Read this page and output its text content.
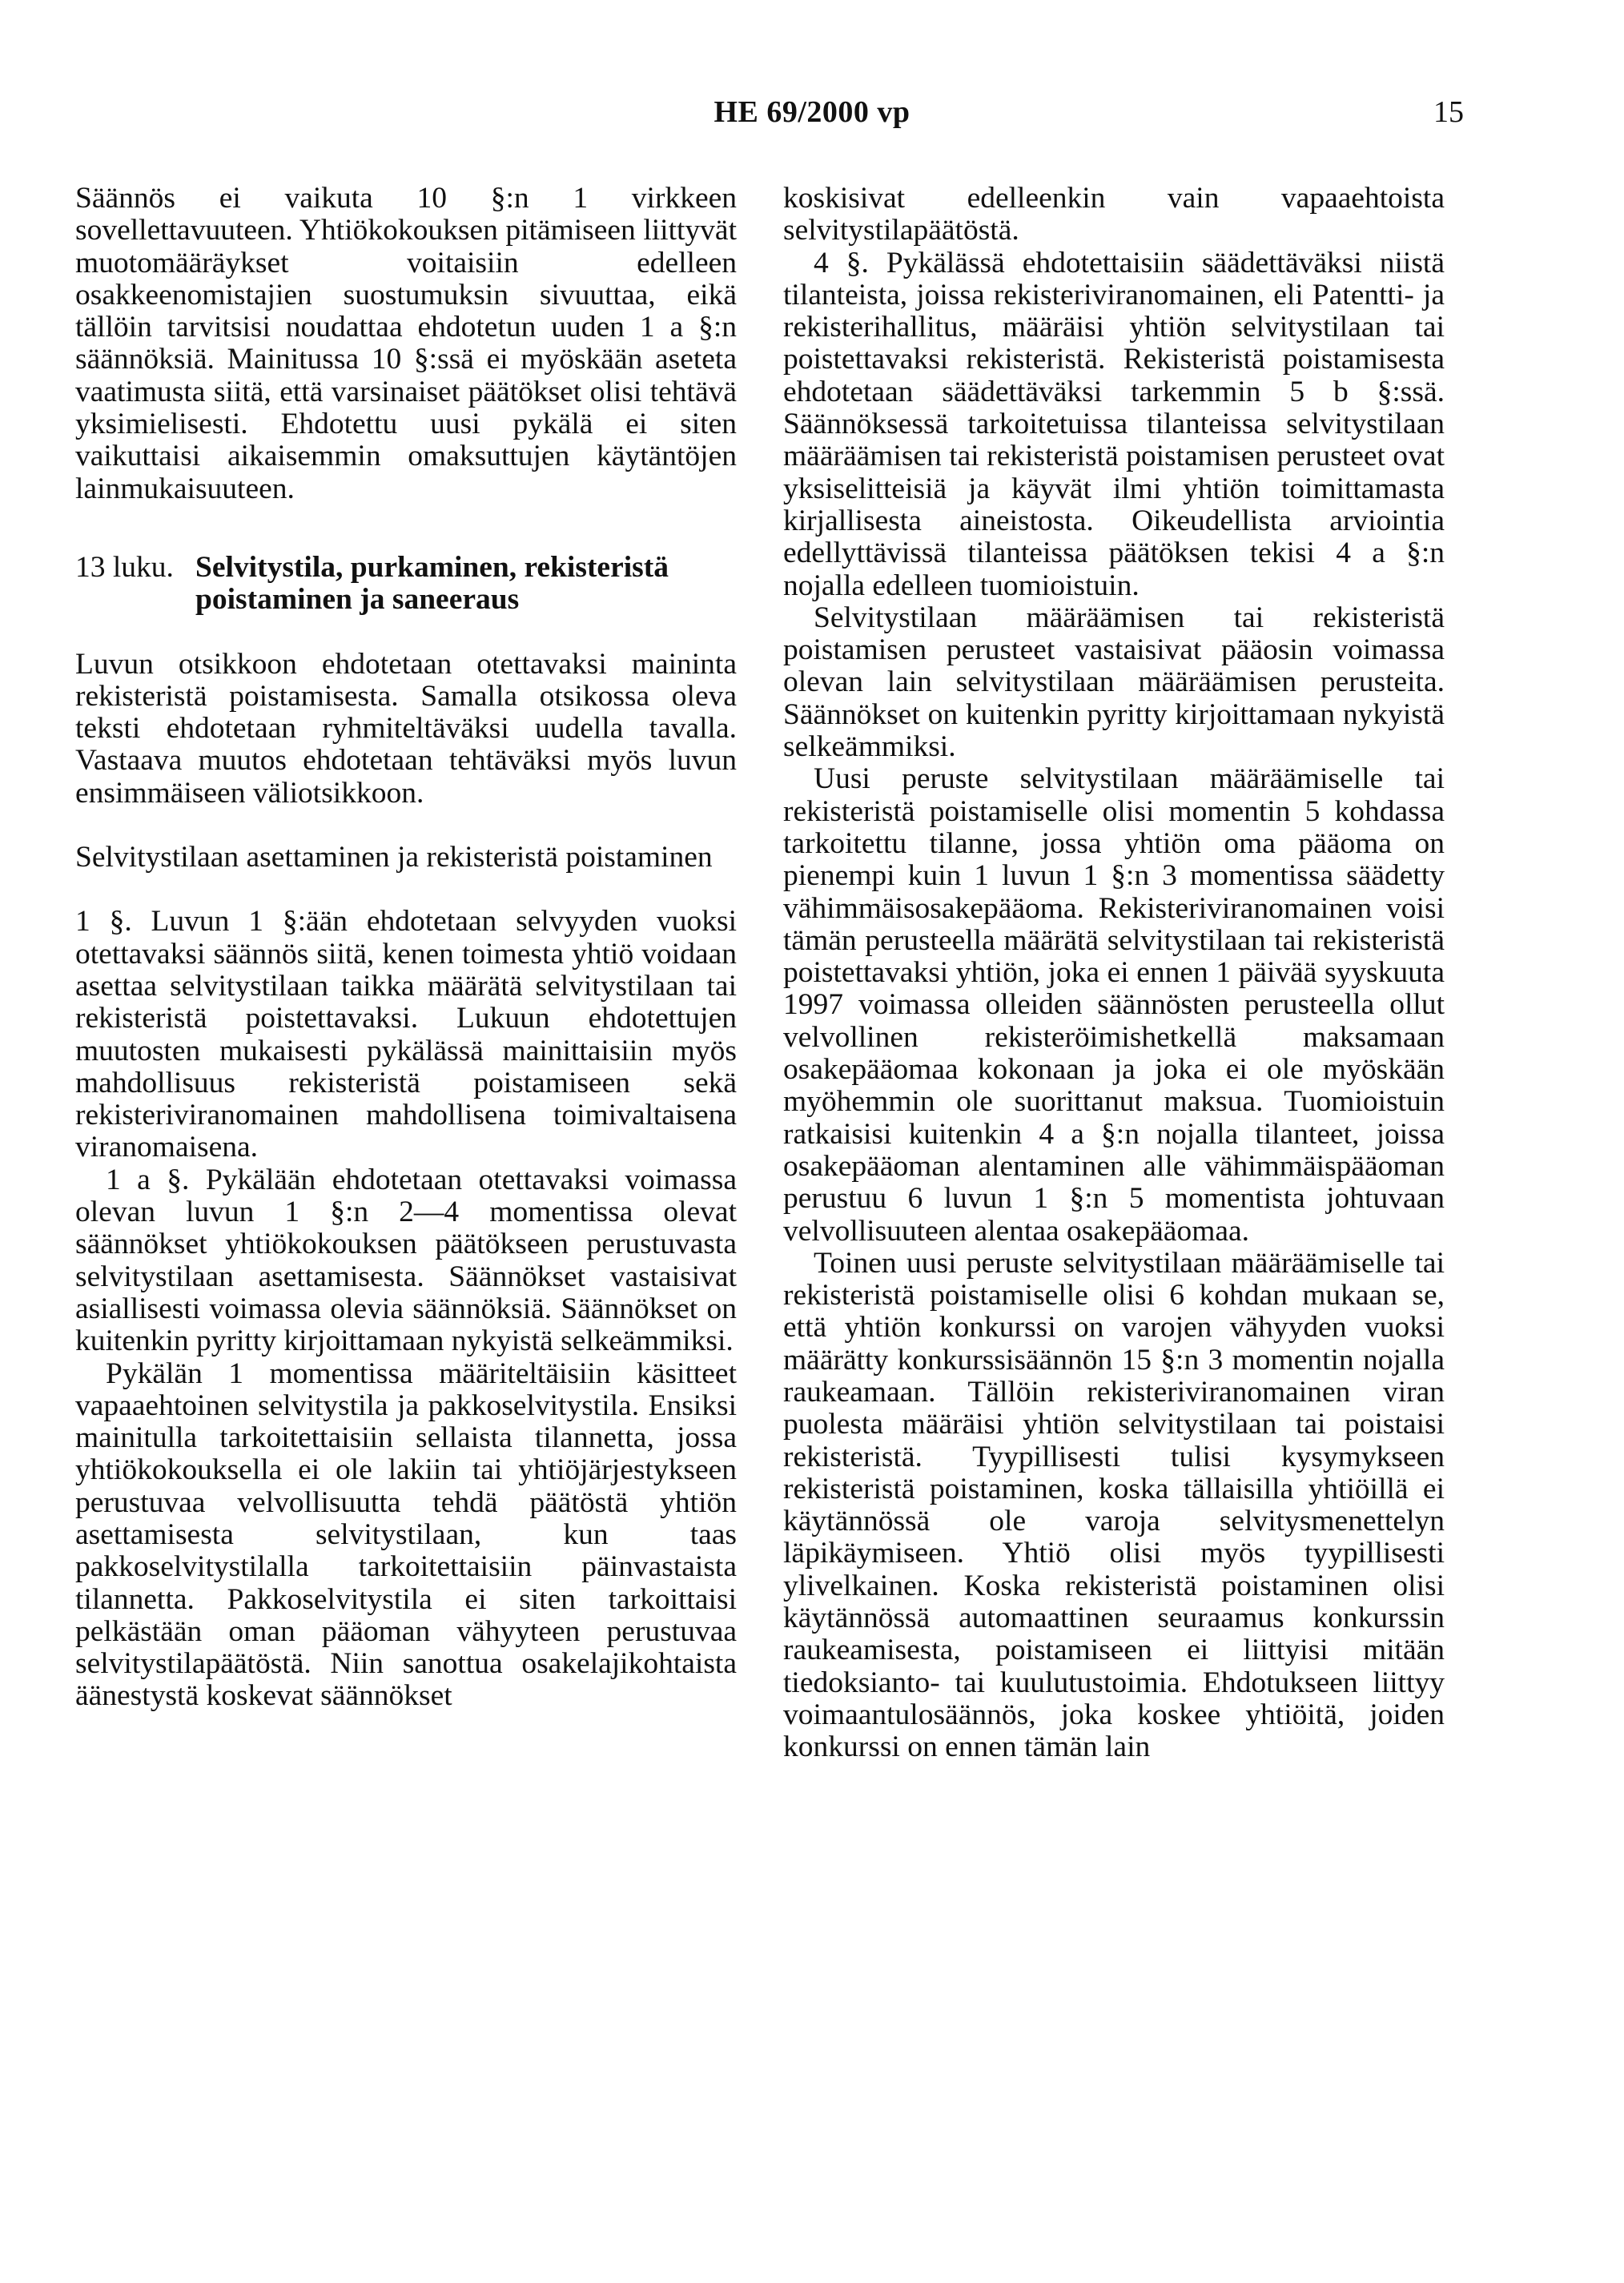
HE 69/2000 vp	15

Säännös ei vaikuta 10 §:n 1 virkkeen sovellettavuuteen. Yhtiökokouksen pitämiseen liittyvät muotomääräykset voitaisiin edelleen osakkeenomistajien suostumuksin sivuuttaa, eikä tällöin tarvitsisi noudattaa ehdotetun uuden 1 a §:n säännöksiä. Mainitussa 10 §:ssä ei myöskään aseteta vaatimusta siitä, että varsinaiset päätökset olisi tehtävä yksimielisesti. Ehdotettu uusi pykälä ei siten vaikuttaisi aikaisemmin omaksuttujen käytäntöjen lainmukaisuuteen.

13 luku. Selvitystila, purkaminen, rekisteristä poistaminen ja saneeraus

Luvun otsikkoon ehdotetaan otettavaksi maininta rekisteristä poistamisesta. Samalla otsikossa oleva teksti ehdotetaan ryhmiteltäväksi uudella tavalla. Vastaava muutos ehdotetaan tehtäväksi myös luvun ensimmäiseen väliotsikkoon.

Selvitystilaan asettaminen ja rekisteristä poistaminen

1 §. Luvun 1 §:ään ehdotetaan selvyyden vuoksi otettavaksi säännös siitä, kenen toimesta yhtiö voidaan asettaa selvitystilaan taikka määrätä selvitystilaan tai rekisteristä poistettavaksi. Lukuun ehdotettujen muutosten mukaisesti pykälässä mainittaisiin myös mahdollisuus rekisteristä poistamiseen sekä rekisteriviranomainen mahdollisena toimivaltaisena viranomaisena.

1 a §. Pykälään ehdotetaan otettavaksi voimassa olevan luvun 1 §:n 2—4 momentissa olevat säännökset yhtiökokouksen päätökseen perustuvasta selvitystilaan asettamisesta. Säännökset vastaisivat asiallisesti voimassa olevia säännöksiä. Säännökset on kuitenkin pyritty kirjoittamaan nykyistä selkeämmiksi.

Pykälän 1 momentissa määriteltäisiin käsitteet vapaaehtoinen selvitystila ja pakkoselvitystila. Ensiksi mainitulla tarkoitettaisiin sellaista tilannetta, jossa yhtiökokouksella ei ole lakiin tai yhtiöjärjestykseen perustuvaa velvollisuutta tehdä päätöstä yhtiön asettamisesta selvitystilaan, kun taas pakkoselvitystilalla tarkoitettaisiin päinvastaista tilannetta. Pakkoselvitystila ei siten tarkoittaisi pelkästään oman pääoman vähyyteen perustuvaa selvitystilapäätöstä. Niin sanottua osakelajikohtaista äänestystä koskevat säännökset

koskisivat edelleenkin vain vapaaehtoista selvitystilapäätöstä.

4 §. Pykälässä ehdotettaisiin säädettäväksi niistä tilanteista, joissa rekisteriviranomainen, eli Patentti- ja rekisterihallitus, määräisi yhtiön selvitystilaan tai poistettavaksi rekisteristä. Rekisteristä poistamisesta ehdotetaan säädettäväksi tarkemmin 5 b §:ssä. Säännöksessä tarkoitetuissa tilanteissa selvitystilaan määräämisen tai rekisteristä poistamisen perusteet ovat yksiselitteisiä ja käyvät ilmi yhtiön toimittamasta kirjallisesta aineistosta. Oikeudellista arviointia edellyttävissä tilanteissa päätöksen tekisi 4 a §:n nojalla edelleen tuomioistuin.

Selvitystilaan määräämisen tai rekisteristä poistamisen perusteet vastaisivat pääosin voimassa olevan lain selvitystilaan määräämisen perusteita. Säännökset on kuitenkin pyritty kirjoittamaan nykyistä selkeämmiksi.

Uusi peruste selvitystilaan määräämiselle tai rekisteristä poistamiselle olisi momentin 5 kohdassa tarkoitettu tilanne, jossa yhtiön oma pääoma on pienempi kuin 1 luvun 1 §:n 3 momentissa säädetty vähimmäisosakepääoma. Rekisteriviranomainen voisi tämän perusteella määrätä selvitystilaan tai rekisteristä poistettavaksi yhtiön, joka ei ennen 1 päivää syyskuuta 1997 voimassa olleiden säännösten perusteella ollut velvollinen rekisteröimishetkellä maksamaan osakepääomaa kokonaan ja joka ei ole myöskään myöhemmin ole suorittanut maksua. Tuomioistuin ratkaisisi kuitenkin 4 a §:n nojalla tilanteet, joissa osakepääoman alentaminen alle vähimmäispääoman perustuu 6 luvun 1 §:n 5 momentista johtuvaan velvollisuuteen alentaa osakepääomaa.

Toinen uusi peruste selvitystilaan määräämiselle tai rekisteristä poistamiselle olisi 6 kohdan mukaan se, että yhtiön konkurssi on varojen vähyyden vuoksi määrätty konkurssisäännön 15 §:n 3 momentin nojalla raukeamaan. Tällöin rekisteriviranomainen viran puolesta määräisi yhtiön selvitystilaan tai poistaisi rekisteristä. Tyypillisesti tulisi kysymykseen rekisteristä poistaminen, koska tällaisilla yhtiöillä ei käytännössä ole varoja selvitysmenettelyn läpikäymiseen. Yhtiö olisi myös tyypillisesti ylivelkainen. Koska rekisteristä poistaminen olisi käytännössä automaattinen seuraamus konkurssin raukeamisesta, poistamiseen ei liittyisi mitään tiedoksianto- tai kuulutustoimia. Ehdotukseen liittyy voimaantulosäännös, joka koskee yhtiöitä, joiden konkurssi on ennen tämän lain
